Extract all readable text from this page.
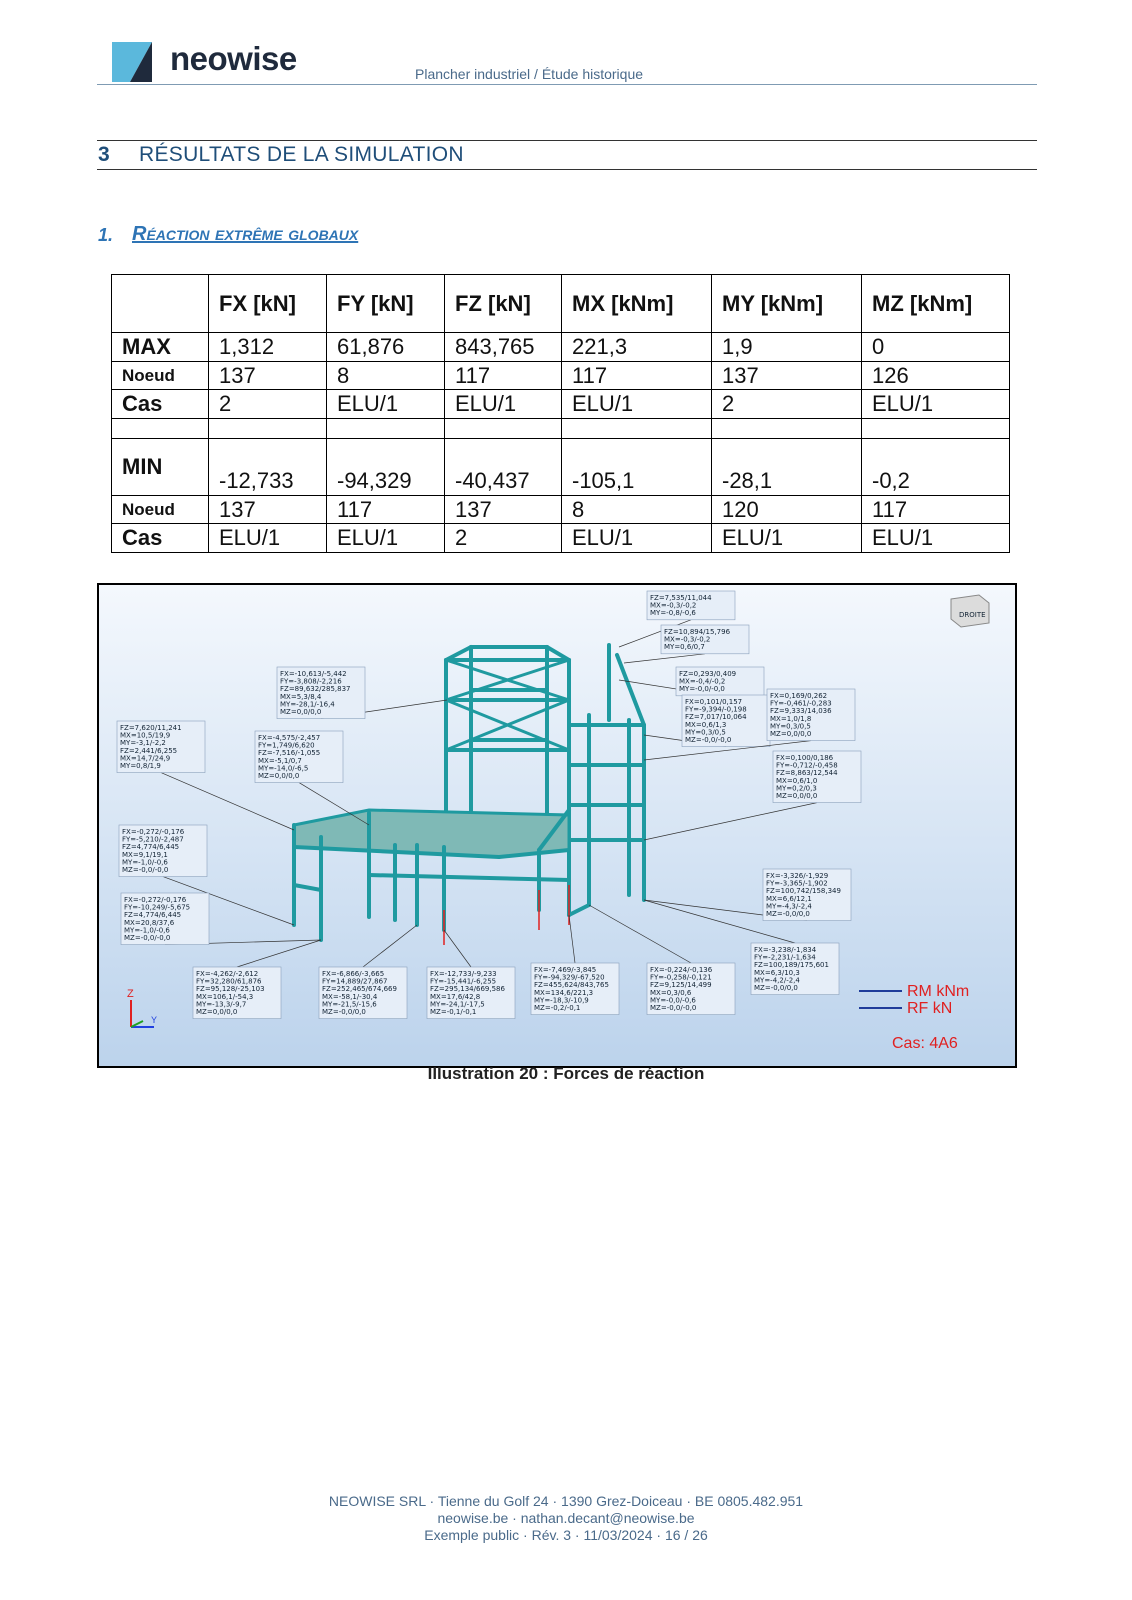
neowise	Plancher industriel / Étude historique
3 RÉSULTATS DE LA SIMULATION
1. Réaction extrême globaux
	FX [kN]	FY [kN]	FZ [kN]	MX [kNm]	MY [kNm]	MZ [kNm]
MAX	1,312	61,876	843,765	221,3	1,9	0
Noeud	137	8	117	117	137	126
Cas	2	ELU/1	ELU/1	ELU/1	2	ELU/1

MIN	-12,733	-94,329	-40,437	-105,1	-28,1	-0,2
Noeud	137	117	137	8	120	117
Cas	ELU/1	ELU/1	2	ELU/1	ELU/1	ELU/1
DROITE
Z
Y
RM kNm
RF kN
Cas: 4A6
FZ=7,535/11,044
MX=-0,3/-0,2
MY=-0,8/-0,6
FZ=10,894/15,796
MX=-0,3/-0,2
MY=0,6/0,7
FZ=0,293/0,409
MX=-0,4/-0,2
MY=-0,0/-0,0
FX=-10,613/-5,442
FY=-3,808/-2,216
FZ=89,632/285,837
MX=5,3/8,4
MY=-28,1/-16,4
MZ=0,0/0,0
FX=0,101/0,157
FY=-9,394/-0,198
FZ=7,017/10,064
MX=0,6/1,3
MY=0,3/0,5
MZ=-0,0/-0,0
FX=0,169/0,262
FY=-0,461/-0,283
FZ=9,333/14,036
MX=1,0/1,8
MY=0,3/0,5
MZ=0,0/0,0
FZ=7,620/11,241
MX=10,5/19,9
MY=-3,1/-2,2
FZ=2,441/6,255
MX=14,7/24,9
MY=0,8/1,9
FX=-4,575/-2,457
FY=1,749/6,620
FZ=-7,516/-1,055
MX=-5,1/0,7
MY=-14,0/-6,5
MZ=0,0/0,0
FX=0,100/0,186
FY=-0,712/-0,458
FZ=8,863/12,544
MX=0,6/1,0
MY=0,2/0,3
MZ=0,0/0,0
FX=-0,272/-0,176
FY=-5,210/-2,487
FZ=4,774/6,445
MX=9,1/19,1
MY=-1,0/-0,6
MZ=-0,0/-0,0
FX=-3,326/-1,929
FY=-3,365/-1,902
FZ=100,742/158,349
MX=6,6/12,1
MY=-4,3/-2,4
MZ=-0,0/0,0
FX=-0,272/-0,176
FY=-10,249/-5,675
FZ=4,774/6,445
MX=20,8/37,6
MY=-1,0/-0,6
MZ=-0,0/-0,0
FX=-3,238/-1,834
FY=-2,231/-1,634
FZ=100,189/175,601
MX=6,3/10,3
MY=-4,2/-2,4
MZ=-0,0/0,0
FX=-4,262/-2,612
FY=32,280/61,876
FZ=95,128/-25,103
MX=106,1/-54,3
MY=-13,3/-9,7
MZ=0,0/0,0
FX=-6,866/-3,665
FY=14,889/27,867
FZ=252,465/674,669
MX=-58,1/-30,4
MY=-21,5/-15,6
MZ=-0,0/0,0
FX=-12,733/-9,233
FY=-15,441/-6,255
FZ=295,134/669,586
MX=17,6/42,8
MY=-24,1/-17,5
MZ=-0,1/-0,1
FX=-7,469/-3,845
FY=-94,329/-67,520
FZ=455,624/843,765
MX=134,6/221,3
MY=-18,3/-10,9
MZ=-0,2/-0,1
FX=-0,224/-0,136
FY=-0,258/-0,121
FZ=9,125/14,499
MX=0,3/0,6
MY=-0,0/-0,6
MZ=-0,0/-0,0
Illustration 20 : Forces de réaction
NEOWISE SRL · Tienne du Golf 24 · 1390 Grez-Doiceau · BE 0805.482.951
neowise.be · nathan.decant@neowise.be
Exemple public · Rév. 3 · 11/03/2024 · 16 / 26
